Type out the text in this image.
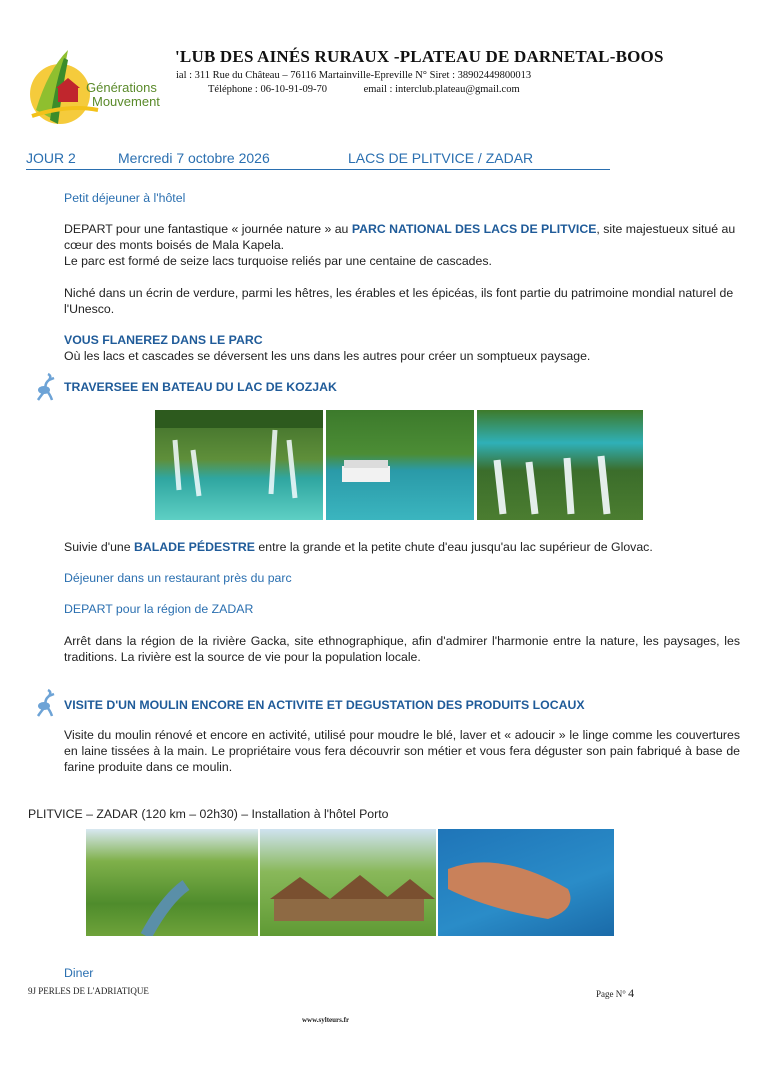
Générations
Mouvement
'LUB DES AINÉS RURAUX -PLATEAU DE DARNETAL-BOOS
ial : 311 Rue du Château – 76116 Martainville-Epreville N° Siret : 38902449800013
Téléphone : 06-10-91-09-70	email : interclub.plateau@gmail.com
JOUR 2	Mercredi 7 octobre 2026	LACS DE PLITVICE / ZADAR
Petit déjeuner à l'hôtel
DEPART pour une fantastique « journée nature » au PARC NATIONAL DES LACS DE PLITVICE, site majestueux situé au cœur des monts boisés de Mala Kapela.
Le parc est formé de seize lacs turquoise reliés par une centaine de cascades.
Niché dans un écrin de verdure, parmi les hêtres, les érables et les épicéas, ils font partie du patrimoine mondial naturel de l'Unesco.
VOUS FLANEREZ DANS LE PARC
Où les lacs et cascades se déversent les uns dans les autres pour créer un somptueux paysage.
TRAVERSEE EN BATEAU DU LAC DE KOZJAK
Suivie d'une BALADE PÉDESTRE entre la grande et la petite chute d'eau jusqu'au lac supérieur de Glovac.
Déjeuner dans un restaurant près du parc
DEPART pour la région de ZADAR
Arrêt dans la région de la rivière Gacka, site ethnographique, afin d'admirer l'harmonie entre la nature, les paysages, les traditions. La rivière est la source de vie pour la population locale.
VISITE D'UN MOULIN ENCORE EN ACTIVITE ET DEGUSTATION DES PRODUITS LOCAUX
Visite du moulin rénové et encore en activité, utilisé pour moudre le blé, laver et « adoucir » le linge comme les couvertures en laine tissées à la main. Le propriétaire vous fera découvrir son métier et vous fera déguster son pain fabriqué à base de farine produite dans ce moulin.
PLITVICE – ZADAR (120 km – 02h30) – Installation à l'hôtel Porto
Diner
9J PERLES DE L'ADRIATIQUE	Page N° 4
www.sylteurs.fr
